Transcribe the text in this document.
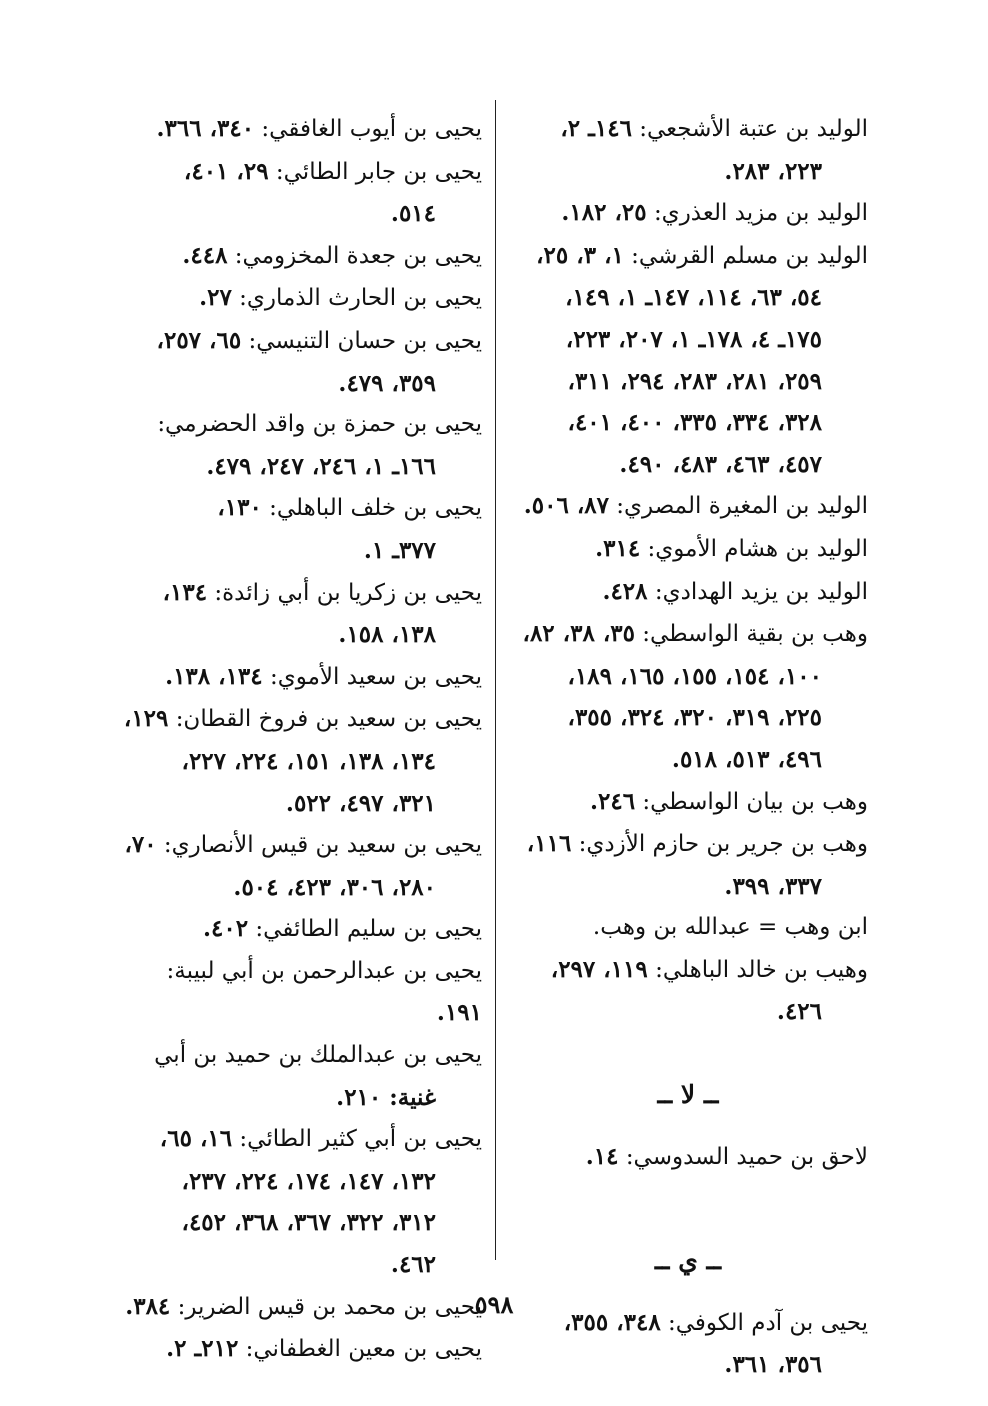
الوليد بن عتبة الأشجعي: ١٤٦ـ ٢،
٢٢٣، ٢٨٣.
الوليد بن مزيد العذري: ٢٥، ١٨٢.
الوليد بن مسلم القرشي: ١، ٣، ٢٥،
٥٤، ٦٣، ١١٤، ١٤٧ـ ١، ١٤٩،
١٧٥ـ ٤، ١٧٨ـ ١، ٢٠٧، ٢٢٣،
٢٥٩، ٢٨١، ٢٨٣، ٢٩٤، ٣١١،
٣٢٨، ٣٣٤، ٣٣٥، ٤٠٠، ٤٠١،
٤٥٧، ٤٦٣، ٤٨٣، ٤٩٠.
الوليد بن المغيرة المصري: ٨٧، ٥٠٦.
الوليد بن هشام الأموي: ٣١٤.
الوليد بن يزيد الهدادي: ٤٢٨.
وهب بن بقية الواسطي: ٣٥، ٣٨، ٨٢،
١٠٠، ١٥٤، ١٥٥، ١٦٥، ١٨٩،
٢٢٥، ٣١٩، ٣٢٠، ٣٢٤، ٣٥٥،
٤٩٦، ٥١٣، ٥١٨.
وهب بن بيان الواسطي: ٢٤٦.
وهب بن جرير بن حازم الأزدي: ١١٦،
٣٣٧، ٣٩٩.
ابن وهب = عبدالله بن وهب.
وهيب بن خالد الباهلي: ١١٩، ٢٩٧،
٤٢٦.
ــ لا ــ
لاحق بن حميد السدوسي: ١٤.
ــ ي ــ
يحيى بن آدم الكوفي: ٣٤٨، ٣٥٥،
٣٥٦، ٣٦١.
يحيى بن أيوب الغافقي: ٣٤٠، ٣٦٦.
يحيى بن جابر الطائي: ٢٩، ٤٠١،
٥١٤.
يحيى بن جعدة المخزومي: ٤٤٨.
يحيى بن الحارث الذماري: ٢٧.
يحيى بن حسان التنيسي: ٦٥، ٢٥٧،
٣٥٩، ٤٧٩.
يحيى بن حمزة بن واقد الحضرمي:
١٦٦ـ ١، ٢٤٦، ٢٤٧، ٤٧٩.
يحيى بن خلف الباهلي: ١٣٠،
٣٧٧ـ ١.
يحيى بن زكريا بن أبي زائدة: ١٣٤،
١٣٨، ١٥٨.
يحيى بن سعيد الأموي: ١٣٤، ١٣٨.
يحيى بن سعيد بن فروخ القطان: ١٢٩،
١٣٤، ١٣٨، ١٥١، ٢٢٤، ٢٢٧،
٣٢١، ٤٩٧، ٥٢٢.
يحيى بن سعيد بن قيس الأنصاري: ٧٠،
٢٨٠، ٣٠٦، ٤٢٣، ٥٠٤.
يحيى بن سليم الطائفي: ٤٠٢.
يحيى بن عبدالرحمن بن أبي لبيبة: ١٩١.
يحيى بن عبدالملك بن حميد بن أبي
غنية: ٢١٠.
يحيى بن أبي كثير الطائي: ١٦، ٦٥،
١٣٢، ١٤٧، ١٧٤، ٢٢٤، ٢٣٧،
٣١٢، ٣٢٢، ٣٦٧، ٣٦٨، ٤٥٢،
٤٦٢.
يحيى بن محمد بن قيس الضرير: ٣٨٤.
يحيى بن معين الغطفاني: ٢١٢ـ ٢.
٥٩٨
